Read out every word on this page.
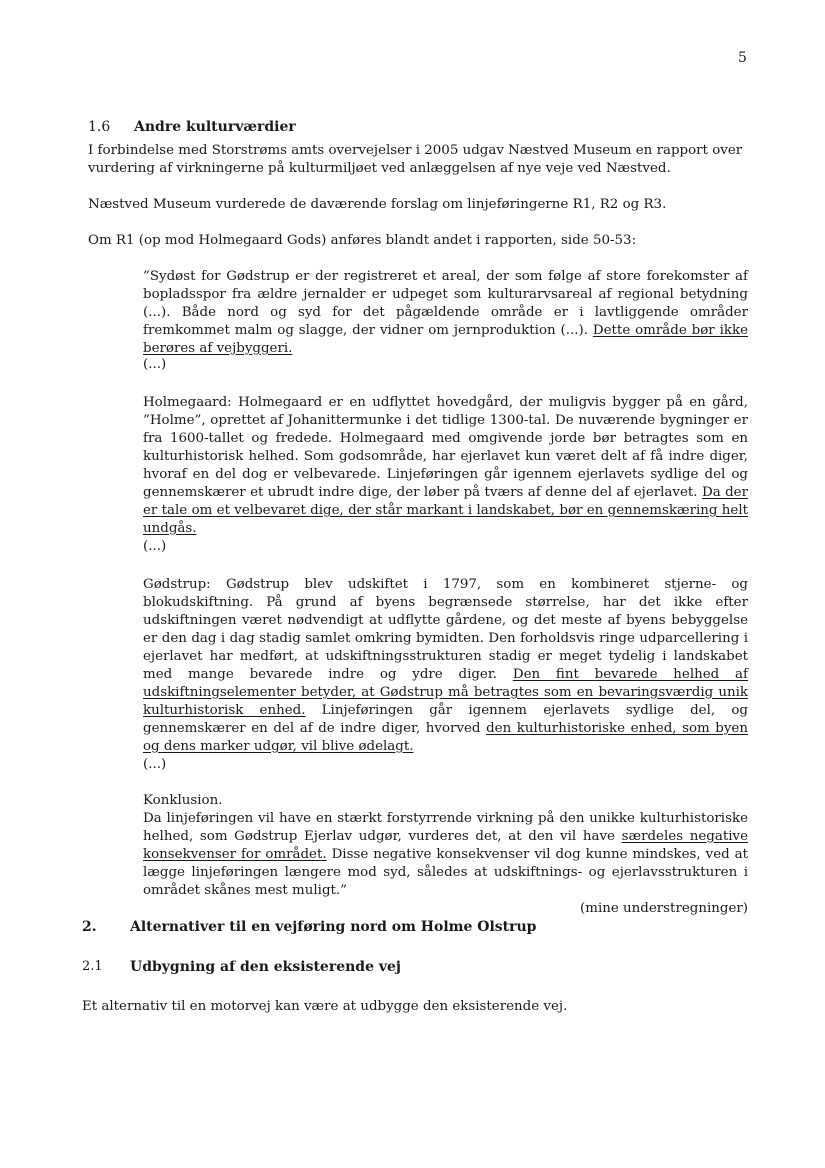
5
1.6 Andre kulturværdier

I forbindelse med Storstrøms amts overvejelser i 2005 udgav Næstved Museum en rapport over vurdering af virkningerne på kulturmiljøet ved anlæggelsen af nye veje ved Næstved.

Næstved Museum vurderede de daværende forslag om linjeføringerne R1, R2 og R3.

Om R1 (op mod Holmegaard Gods) anføres blandt andet i rapporten, side 50-53:

”Sydøst for Gødstrup er der registreret et areal, der som følge af store forekomster af bopladsspor fra ældre jernalder er udpeget som kulturarvsareal af regional betydning (...). Både nord og syd for det pågældende område er i lavtliggende områder fremkommet malm og slagge, der vidner om jernproduktion (...). Dette område bør ikke berøres af vejbyggeri.

(...)

Holmegaard: Holmegaard er en udflyttet hovedgård, der muligvis bygger på en gård, ”Holme”, oprettet af Johanittermunke i det tidlige 1300-tal. De nuværende bygninger er fra 1600-tallet og fredede. Holmegaard med omgivende jorde bør betragtes som en kulturhistorisk helhed. Som godsområde, har ejerlavet kun været delt af få indre diger, hvoraf en del dog er velbevarede. Linjeføringen går igennem ejerlavets sydlige del og gennemskærer et ubrudt indre dige, der løber på tværs af denne del af ejerlavet. Da der er tale om et velbevaret dige, der står markant i landskabet, bør en gennemskæring helt undgås.

(...)

Gødstrup: Gødstrup blev udskiftet i 1797, som en kombineret stjerne- og blokudskiftning. På grund af byens begrænsede størrelse, har det ikke efter udskiftningen været nødvendigt at udflytte gårdene, og det meste af byens bebyggelse er den dag i dag stadig samlet omkring bymidten. Den forholdsvis ringe udparcellering i ejerlavet har medført, at udskiftningsstrukturen stadig er meget tydelig i landskabet med mange bevarede indre og ydre diger. Den fint bevarede helhed af udskiftningselementer betyder, at Gødstrup må betragtes som en bevaringsværdig unik kulturhistorisk enhed. Linjeføringen går igennem ejerlavets sydlige del, og gennemskærer en del af de indre diger, hvorved den kulturhistoriske enhed, som byen og dens marker udgør, vil blive ødelagt.

(...)

Konklusion.

Da linjeføringen vil have en stærkt forstyrrende virkning på den unikke kulturhistoriske helhed, som Gødstrup Ejerlav udgør, vurderes det, at den vil have særdeles negative konsekvenser for området. Disse negative konsekvenser vil dog kunne mindskes, ved at lægge linjeføringen længere mod syd, således at udskiftnings- og ejerlavsstrukturen i området skånes mest muligt.”
(mine understregninger)

2. Alternativer til en vejføring nord om Holme Olstrup
2.1 Udbygning af den eksisterende vej

Et alternativ til en motorvej kan være at udbygge den eksisterende vej.
